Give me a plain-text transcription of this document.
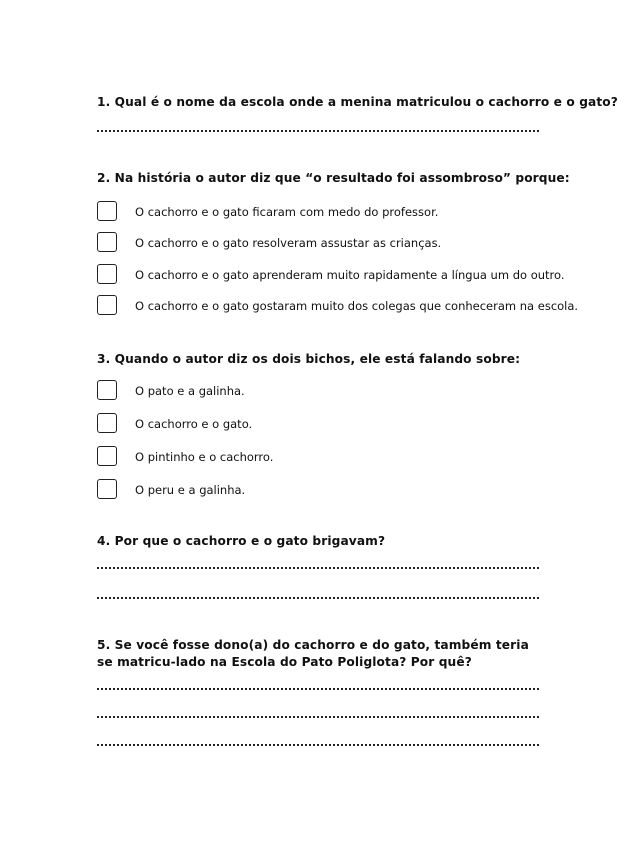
1. Qual é o nome da escola onde a menina matriculou o cachorro e o gato?
2. Na história o autor diz que “o resultado foi assombroso” porque:
O cachorro e o gato ficaram com medo do professor.
O cachorro e o gato resolveram assustar as crianças.
O cachorro e o gato aprenderam muito rapidamente a língua um do outro.
O cachorro e o gato gostaram muito dos colegas que conheceram na escola.
3. Quando o autor diz os dois bichos, ele está falando sobre:
O pato e a galinha.
O cachorro e o gato.
O pintinho e o cachorro.
O peru e a galinha.
4. Por que o cachorro e o gato brigavam?
5. Se você fosse dono(a) do cachorro e do gato, também teria se matricu-lado na Escola do Pato Poliglota? Por quê?
